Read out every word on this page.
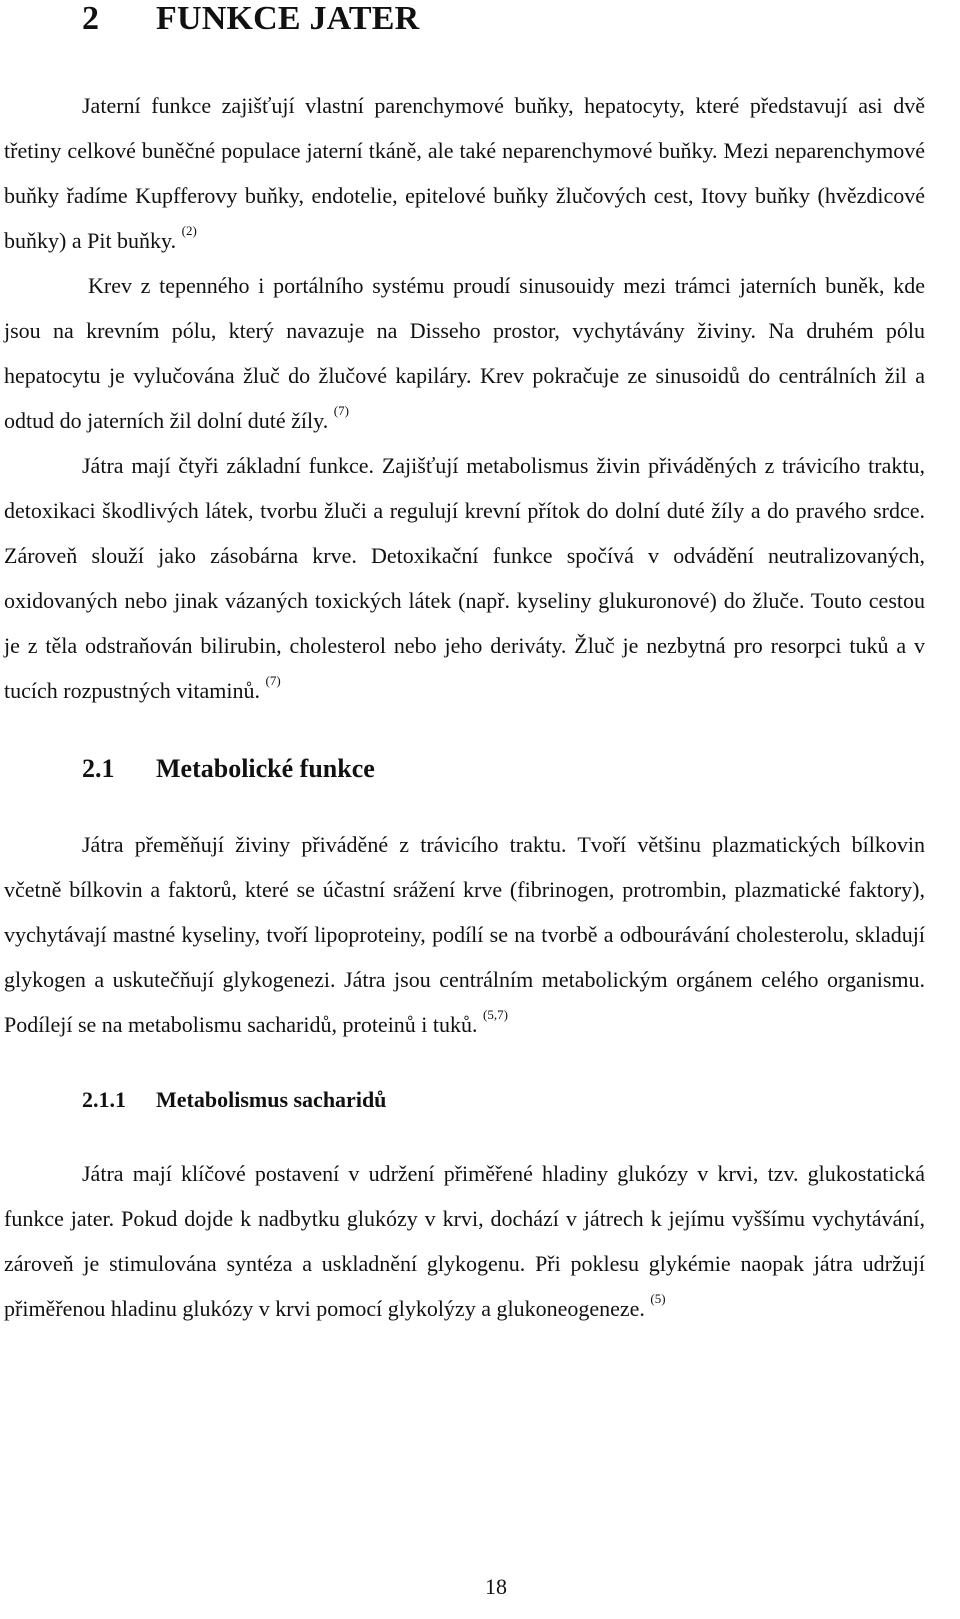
2 FUNKCE JATER

Jaterní funkce zajišťují vlastní parenchymové buňky, hepatocyty, které představují asi dvě třetiny celkové buněčné populace jaterní tkáně, ale také neparenchymové buňky. Mezi neparenchymové buňky řadíme Kupfferovy buňky, endotelie, epitelové buňky žlučových cest, Itovy buňky (hvězdicové buňky) a Pit buňky. $^{(2)}$

Krev z tepenného i portálního systému proudí sinusouidy mezi trámci jaterních buněk, kde jsou na krevním pólu, který navazuje na Disseho prostor, vychytávány živiny. Na druhém pólu hepatocytu je vylučována žluč do žlučové kapiláry. Krev pokračuje ze sinusoidů do centrálních žil a odtud do jaterních žil dolní duté žíly. $^{(7)}$

Játra mají čtyři základní funkce. Zajišťují metabolismus živin přiváděných z trávicího traktu, detoxikaci škodlivých látek, tvorbu žluči a regulují krevní přítok do dolní duté žíly a do pravého srdce. Zároveň slouží jako zásobárna krve. Detoxikační funkce spočívá v odvádění neutralizovaných, oxidovaných nebo jinak vázaných toxických látek (např. kyseliny glukuronové) do žluče. Touto cestou je z těla odstraňován bilirubin, cholesterol nebo jeho deriváty. Žluč je nezbytná pro resorpci tuků a v tucích rozpustných vitaminů. $^{(7)}$

2.1 Metabolické funkce

Játra přeměňují živiny přiváděné z trávicího traktu. Tvoří většinu plazmatických bílkovin včetně bílkovin a faktorů, které se účastní srážení krve (fibrinogen, protrombin, plazmatické faktory), vychytávají mastné kyseliny, tvoří lipoproteiny, podílí se na tvorbě a odbourávání cholesterolu, skladují glykogen a uskutečňují glykogenezi. Játra jsou centrálním metabolickým orgánem celého organismu. Podílejí se na metabolismu sacharidů, proteinů i tuků. $^{(5,7)}$

2.1.1 Metabolismus sacharidů

Játra mají klíčové postavení v udržení přiměřené hladiny glukózy v krvi, tzv. glukostatická funkce jater. Pokud dojde k nadbytku glukózy v krvi, dochází v játrech k jejímu vyššímu vychytávání, zároveň je stimulována syntéza a uskladnění glykogenu. Při poklesu glykémie naopak játra udržují přiměřenou hladinu glukózy v krvi pomocí glykolýzy a glukoneogeneze. $^{(5)}$

18
